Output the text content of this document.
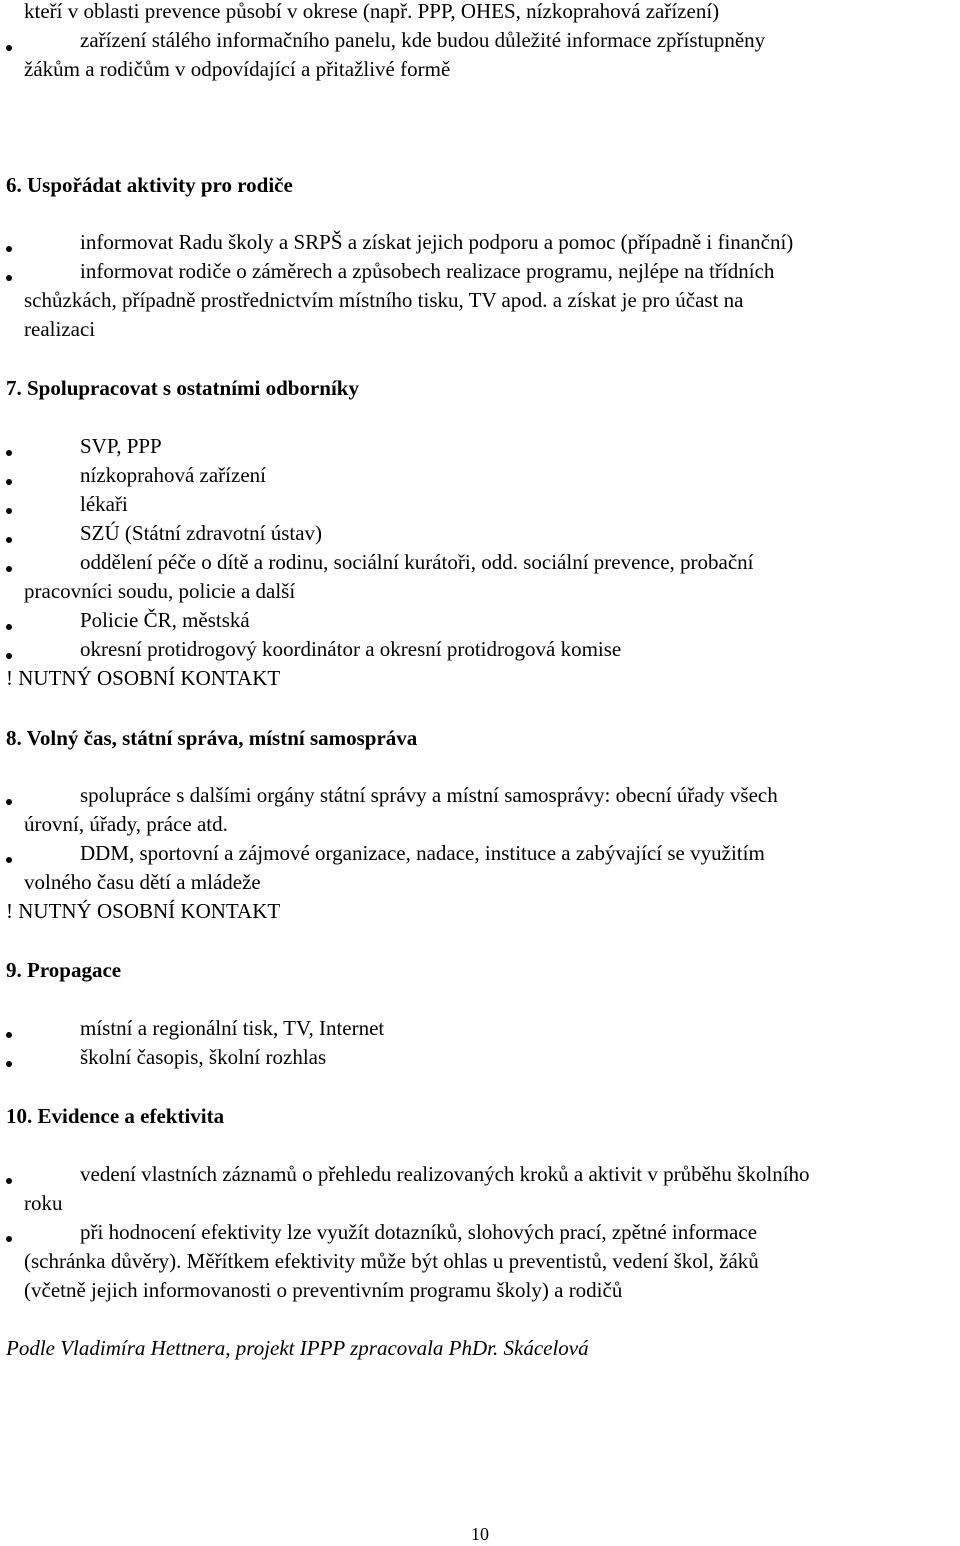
kteří v oblasti prevence působí v okrese (např. PPP, OHES, nízkoprahová zařízení)
zařízení stálého informačního panelu, kde budou důležité informace zpřístupněny
žákům a rodičům v odpovídající a přitažlivé formě
6. Uspořádat aktivity pro rodiče
informovat Radu školy a SRPŠ a získat jejich podporu a pomoc (případně i finanční)
informovat rodiče o záměrech a způsobech realizace programu, nejlépe na třídních
schůzkách, případně prostřednictvím místního tisku, TV apod. a získat je pro účast na
realizaci
7. Spolupracovat s ostatními odborníky
SVP, PPP
nízkoprahová zařízení
lékaři
SZÚ (Státní zdravotní ústav)
oddělení péče o dítě a rodinu, sociální kurátoři, odd. sociální prevence, probační
pracovníci soudu, policie a další
Policie ČR, městská
okresní protidrogový koordinátor a okresní protidrogová komise
! NUTNÝ OSOBNÍ KONTAKT
8. Volný čas, státní správa, místní samospráva
spolupráce s dalšími orgány státní správy a místní samosprávy: obecní úřady všech
úrovní, úřady, práce atd.
DDM, sportovní a zájmové organizace, nadace, instituce a zabývající se využitím
volného času dětí a mládeže
! NUTNÝ OSOBNÍ KONTAKT
9. Propagace
místní a regionální tisk, TV, Internet
školní časopis, školní rozhlas
10. Evidence a efektivita
vedení vlastních záznamů o přehledu realizovaných kroků a aktivit v průběhu školního
roku
při hodnocení efektivity lze využít dotazníků, slohových prací, zpětné informace
(schránka důvěry). Měřítkem efektivity může být ohlas u preventistů, vedení škol, žáků
(včetně jejich informovanosti o preventivním programu školy) a rodičů
Podle Vladimíra Hettnera, projekt IPPP zpracovala PhDr. Skácelová
10
